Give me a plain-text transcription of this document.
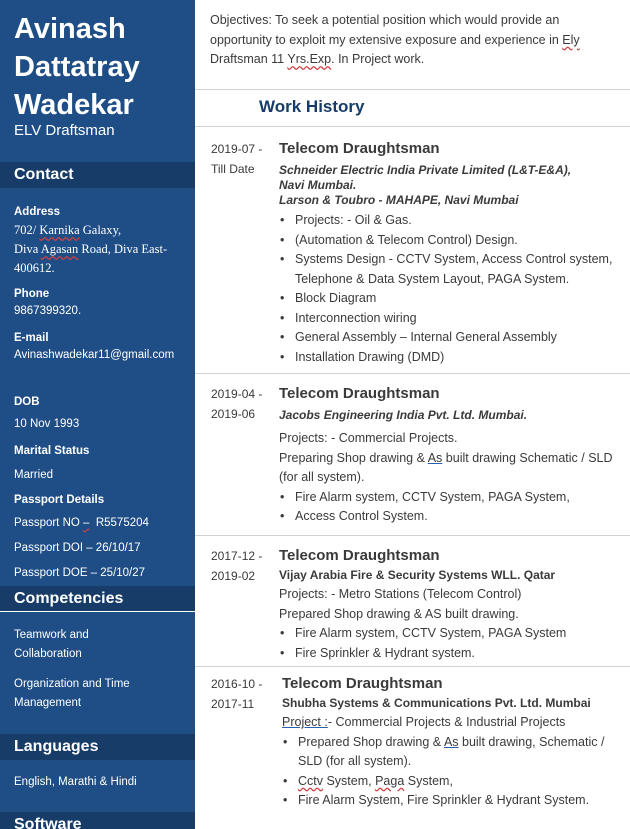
Avinash Dattatray Wadekar
ELV Draftsman
Contact
Address
702/ Karnika Galaxy,
Diva Agasan Road, Diva East-
400612.
Phone
9867399320.
E-mail
Avinashwadekar11@gmail.com
DOB
10 Nov 1993
Marital Status
Married
Passport Details
Passport NO –  R5575204
Passport DOI – 26/10/17
Passport DOE – 25/10/27
Competencies
Teamwork and Collaboration
Organization and Time Management
Languages
English, Marathi & Hindi
Software
Objectives: To seek a potential position which would provide an opportunity to exploit my extensive exposure and experience in Ely Draftsman 11 Yrs.Exp. In Project work.
Work History
2019-07 -
Till Date
Telecom Draughtsman
Schneider Electric India Private Limited (L&T-E&A),
Navi Mumbai.
Larson & Toubro - MAHAPE, Navi Mumbai
• Projects: - Oil & Gas.
• (Automation & Telecom Control) Design.
• Systems Design - CCTV System, Access Control system, Telephone & Data System Layout, PAGA System.
• Block Diagram
• Interconnection wiring
• General Assembly – Internal General Assembly
• Installation Drawing (DMD)
2019-04 -
2019-06
Telecom Draughtsman
Jacobs Engineering India Pvt. Ltd. Mumbai.
Projects: - Commercial Projects.
Preparing Shop drawing & As built drawing Schematic / SLD (for all system).
• Fire Alarm system, CCTV System, PAGA System,
• Access Control System.
2017-12 -
2019-02
Telecom Draughtsman
Vijay Arabia Fire & Security Systems WLL. Qatar
Projects: - Metro Stations (Telecom Control)
Prepared Shop drawing & AS built drawing.
• Fire Alarm system, CCTV System, PAGA System
• Fire Sprinkler & Hydrant system.
2016-10 -
2017-11
Telecom Draughtsman
Shubha Systems & Communications Pvt. Ltd. Mumbai
Project :- Commercial Projects & Industrial Projects
• Prepared Shop drawing & As built drawing, Schematic / SLD (for all system).
• Cctv System, Paga System,
• Fire Alarm System, Fire Sprinkler & Hydrant System.
